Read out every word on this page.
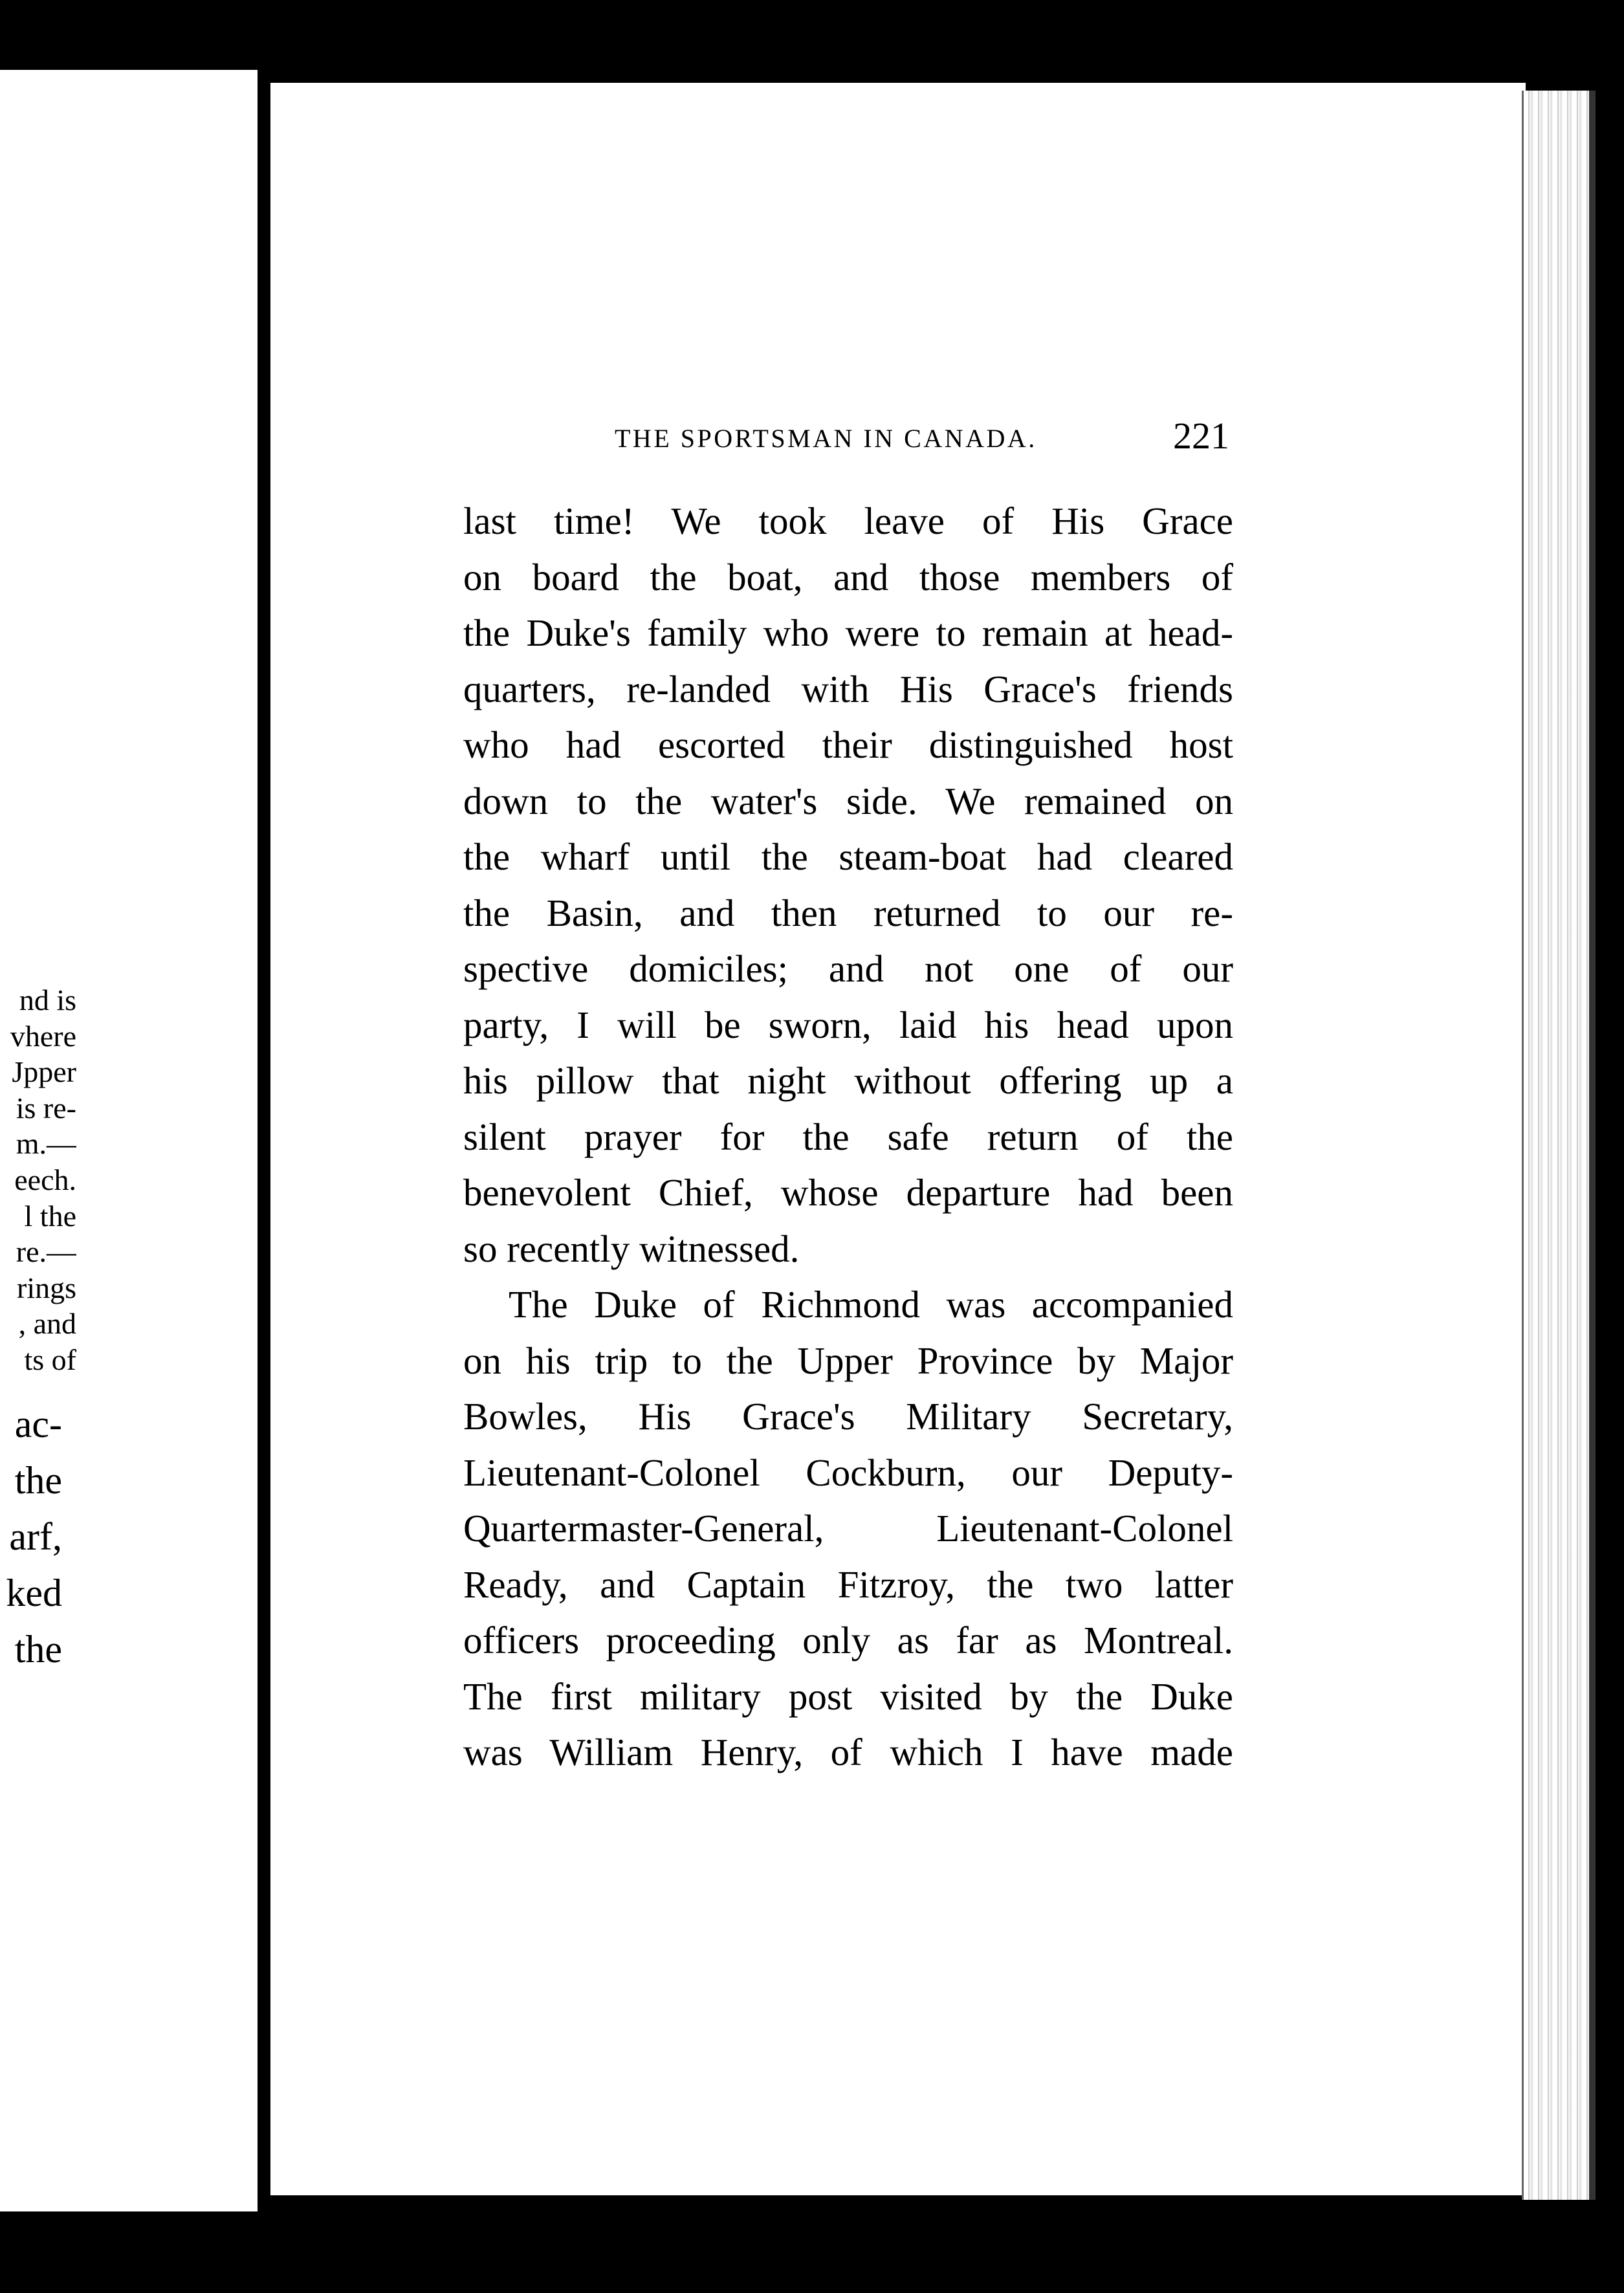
nd is
vhere
Jpper
is re-
m.—
eech.
l the
re.—
rings
, and
ts of
ac-
the
arf,
ked
the
THE SPORTSMAN IN CANADA.	221
last time! We took leave of His Grace
on board the boat, and those members of
the Duke's family who were to remain at head-
quarters, re-landed with His Grace's friends
who had escorted their distinguished host
down to the water's side. We remained on
the wharf until the steam-boat had cleared
the Basin, and then returned to our re-
spective domiciles; and not one of our
party, I will be sworn, laid his head upon
his pillow that night without offering up a
silent prayer for the safe return of the
benevolent Chief, whose departure had been
so recently witnessed.
The Duke of Richmond was accompanied
on his trip to the Upper Province by Major
Bowles, His Grace's Military Secretary,
Lieutenant-Colonel Cockburn, our Deputy-
Quartermaster-General, Lieutenant-Colonel
Ready, and Captain Fitzroy, the two latter
officers proceeding only as far as Montreal.
The first military post visited by the Duke
was William Henry, of which I have made
